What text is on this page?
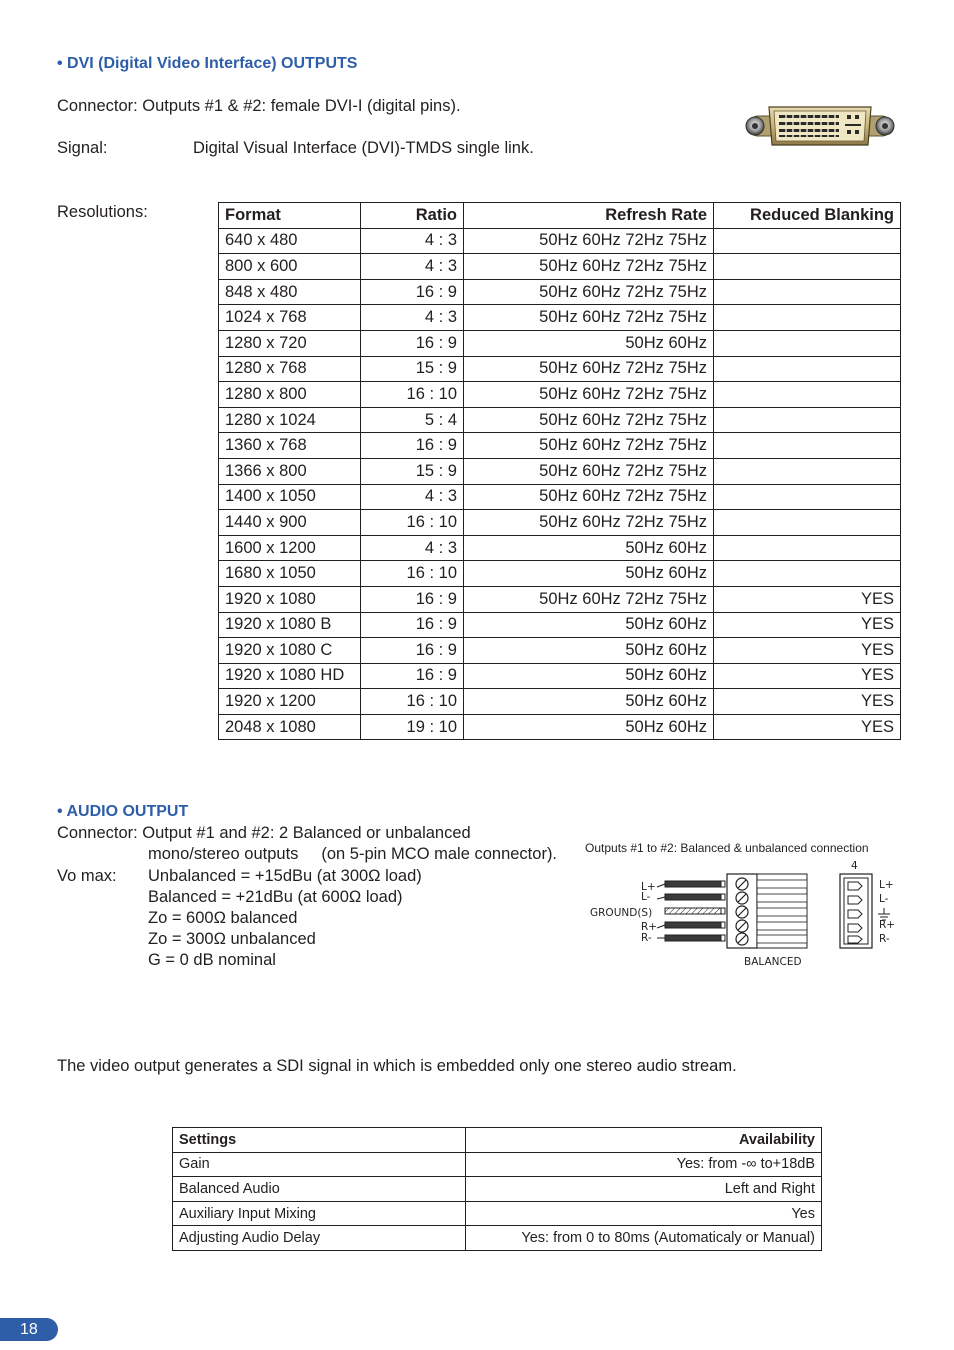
• DVI (Digital Video Interface) OUTPUTS
Connector: Outputs #1 & #2: female DVI-I (digital pins).
Signal:	Digital Visual Interface (DVI)-TMDS single link.
Resolutions:	Format	Ratio	Refresh Rate	Reduced Blanking
640 x 480	4 : 3	50Hz 60Hz 72Hz 75Hz	
800 x 600	4 : 3	50Hz 60Hz 72Hz 75Hz	
848 x 480	16 : 9	50Hz 60Hz 72Hz 75Hz	
1024 x 768	4 : 3	50Hz 60Hz 72Hz 75Hz	
1280 x 720	16 : 9	50Hz 60Hz	
1280 x 768	15 : 9	50Hz 60Hz 72Hz 75Hz	
1280 x 800	16 : 10	50Hz 60Hz 72Hz 75Hz	
1280 x 1024	5 : 4	50Hz 60Hz 72Hz 75Hz	
1360 x 768	16 : 9	50Hz 60Hz 72Hz 75Hz	
1366 x 800	15 : 9	50Hz 60Hz 72Hz 75Hz	
1400 x 1050	4 : 3	50Hz 60Hz 72Hz 75Hz	
1440 x 900	16 : 10	50Hz 60Hz 72Hz 75Hz	
1600 x 1200	4 : 3	50Hz 60Hz	
1680 x 1050	16 : 10	50Hz 60Hz	
1920 x 1080	16 : 9	50Hz 60Hz 72Hz 75Hz	YES
1920 x 1080 B	16 : 9	50Hz 60Hz	YES
1920 x 1080 C	16 : 9	50Hz 60Hz	YES
1920 x 1080 HD	16 : 9	50Hz 60Hz	YES
1920 x 1200	16 : 10	50Hz 60Hz	YES
2048 x 1080	19 : 10	50Hz 60Hz	YES
• AUDIO OUTPUT
Connector: Output #1 and #2: 2 Balanced or unbalanced
mono/stereo outputs     (on 5-pin MCO male connector).
Vo max: Unbalanced = +15dBu (at 300Ω load)
Balanced = +21dBu (at 600Ω load)
Zo = 600Ω balanced
Zo = 300Ω unbalanced
G = 0 dB nominal
Outputs #1 to #2: Balanced & unbalanced connection
L+
L-
GROUND(S)
R+
R-
BALANCED
4
L+
L-
R+
R-
The video output generates a SDI signal in which is embedded only one stereo audio stream.
Settings	Availability
Gain	Yes: from -∞ to+18dB
Balanced Audio	Left and Right
Auxiliary Input Mixing	Yes
Adjusting Audio Delay	Yes: from 0 to 80ms (Automaticaly or Manual)
18
